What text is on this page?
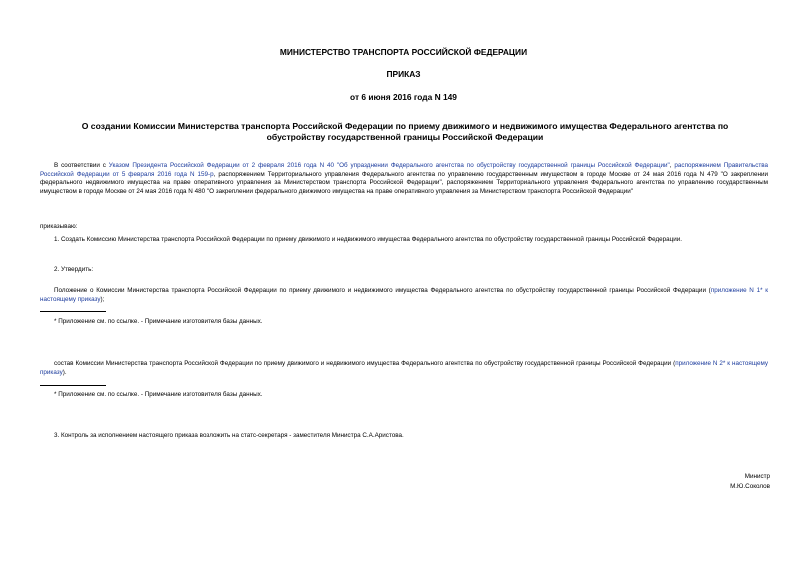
МИНИСТЕРСТВО ТРАНСПОРТА РОССИЙСКОЙ ФЕДЕРАЦИИ
ПРИКАЗ
от 6 июня 2016 года N 149
О создании Комиссии Министерства транспорта Российской Федерации по приему движимого и недвижимого имущества Федерального агентства по обустройству государственной границы Российской Федерации
В соответствии с Указом Президента Российской Федерации от 2 февраля 2016 года N 40 "Об упразднении Федерального агентства по обустройству государственной границы Российской Федерации", распоряжением Правительства Российской Федерации от 5 февраля 2016 года N 159-р, распоряжением Территориального управления Федерального агентства по управлению государственным имуществом в городе Москве от 24 мая 2016 года N 479 "О закреплении федерального недвижимого имущества на праве оперативного управления за Министерством транспорта Российской Федерации", распоряжением Территориального управления Федерального агентства по управлению государственным имуществом в городе Москве от 24 мая 2016 года N 480 "О закреплении федерального движимого имущества на праве оперативного управления за Министерством транспорта Российской Федерации"
приказываю:
1. Создать Комиссию Министерства транспорта Российской Федерации по приему движимого и недвижимого имущества Федерального агентства по обустройству государственной границы Российской Федерации.
2. Утвердить:
Положение о Комиссии Министерства транспорта Российской Федерации по приему движимого и недвижимого имущества Федерального агентства по обустройству государственной границы Российской Федерации (приложение N 1* к настоящему приказу);
* Приложение см. по ссылке. - Примечание изготовителя базы данных.
состав Комиссии Министерства транспорта Российской Федерации по приему движимого и недвижимого имущества Федерального агентства по обустройству государственной границы Российской Федерации (приложение N 2* к настоящему приказу).
* Приложение см. по ссылке. - Примечание изготовителя базы данных.
3. Контроль за исполнением настоящего приказа возложить на статс-секретаря - заместителя Министра С.А.Аристова.
Министр
М.Ю.Соколов
